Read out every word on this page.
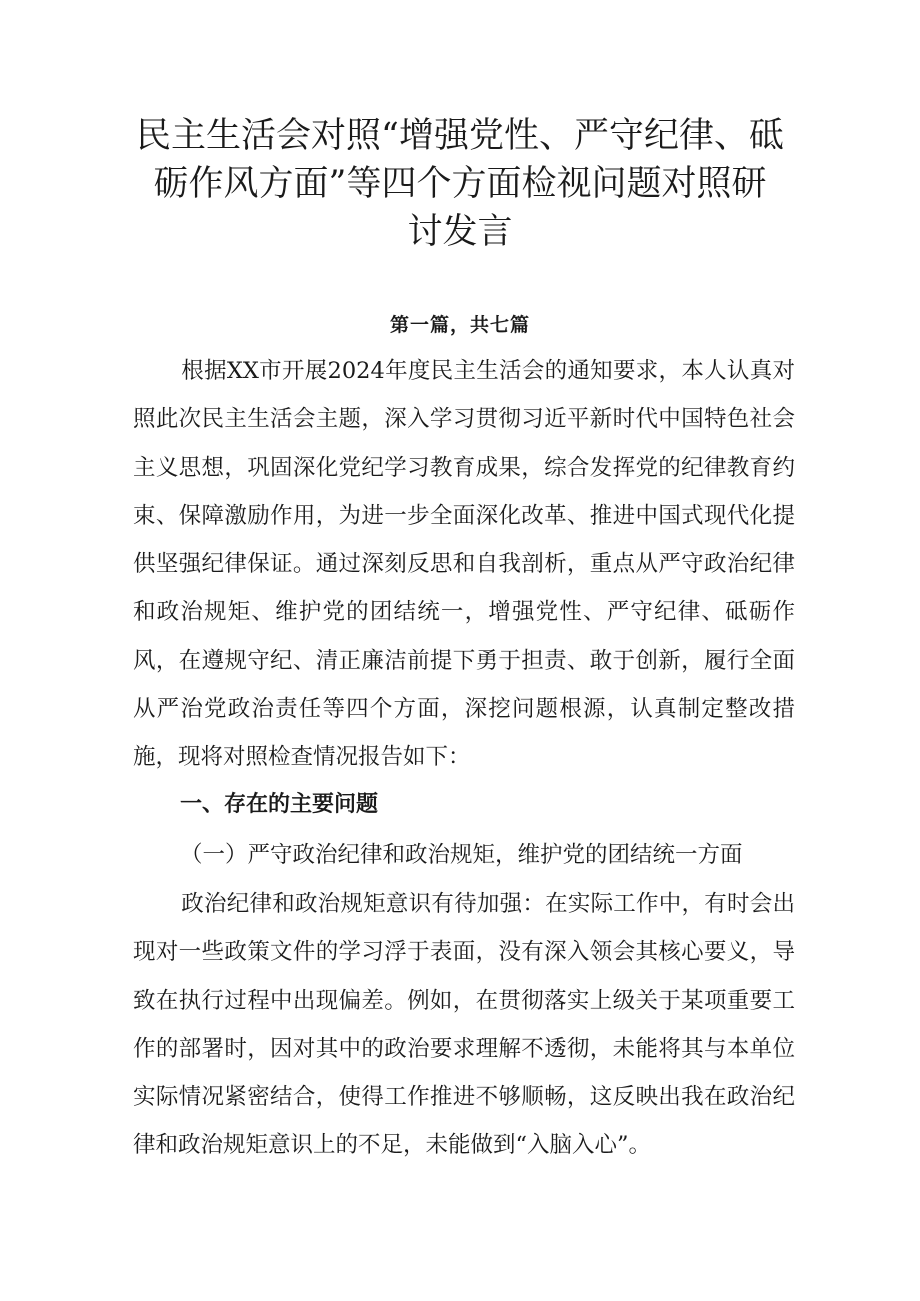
民主生活会对照“增强党性、严守纪律、砥
砺作风方面”等四个方面检视问题对照研
讨发言
第一篇，共七篇

根据XX市开展2024年度民主生活会的通知要求，本人认真对照此次民主生活会主题，深入学习贯彻习近平新时代中国特色社会主义思想，巩固深化党纪学习教育成果，综合发挥党的纪律教育约束、保障激励作用，为进一步全面深化改革、推进中国式现代化提供坚强纪律保证。通过深刻反思和自我剖析，重点从严守政治纪律和政治规矩、维护党的团结统一，增强党性、严守纪律、砥砺作风，在遵规守纪、清正廉洁前提下勇于担责、敢于创新，履行全面从严治党政治责任等四个方面，深挖问题根源，认真制定整改措施，现将对照检查情况报告如下：

一、存在的主要问题
（一）严守政治纪律和政治规矩，维护党的团结统一方面

政治纪律和政治规矩意识有待加强：在实际工作中，有时会出现对一些政策文件的学习浮于表面，没有深入领会其核心要义，导致在执行过程中出现偏差。例如，在贯彻落实上级关于某项重要工作的部署时，因对其中的政治要求理解不透彻，未能将其与本单位实际情况紧密结合，使得工作推进不够顺畅，这反映出我在政治纪律和政治规矩意识上的不足，未能做到“入脑入心”。
